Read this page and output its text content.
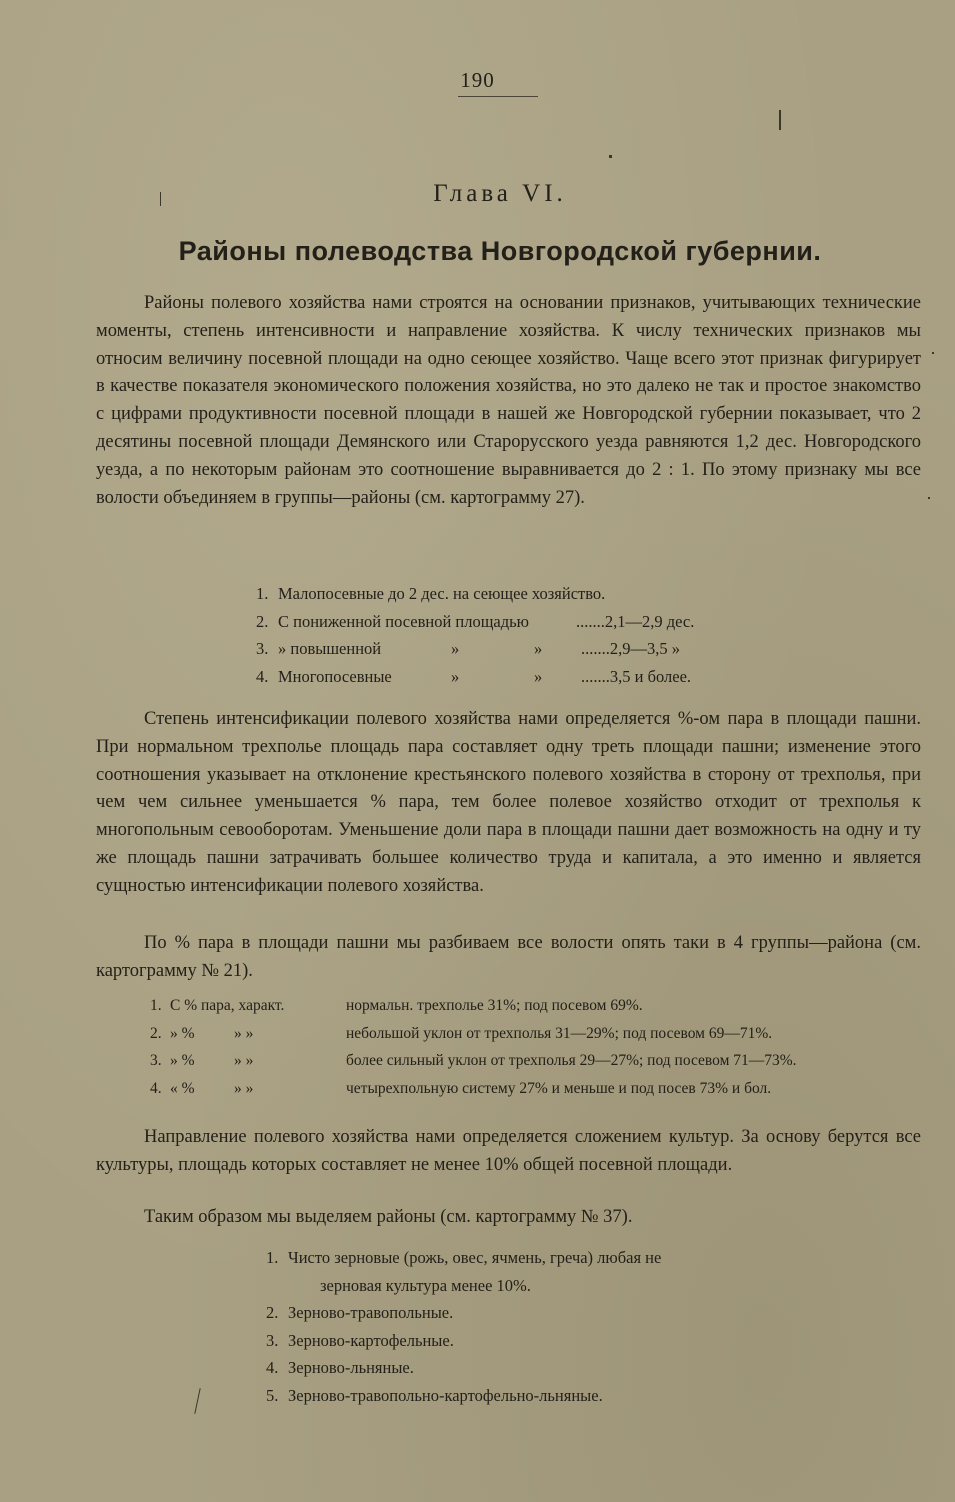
190
Глава VI.
Районы полеводства Новгородской губернии.

Районы полевого хозяйства нами строятся на основании признаков, учитывающих технические моменты, степень интенсивности и направление хозяйства. К числу технических признаков мы относим величину посевной площади на одно сеющее хозяйство. Чаще всего этот признак фигурирует в качестве показателя экономического положения хозяйства, но это далеко не так и простое знакомство с цифрами продуктивности посевной площади в нашей же Новгородской губернии показывает, что 2 десятины посевной площади Демянского или Старорусского уезда равняются 1,2 дес. Новгородского уезда, а по некоторым районам это соотношение выравнивается до 2 : 1. По этому признаку мы все волости объединяем в группы—районы (см. картограмму 27).

1. Малопосевные до 2 дес. на сеющее хозяйство.
2. С пониженной посевной площадью	.......2,1—2,9 дес.
3. » повышенной	»	» .......2,9—3,5 »
4. Многопосевные	»	» .......3,5 и более.

Степень интенсификации полевого хозяйства нами определяется %-ом пара в площади пашни. При нормальном трехполье площадь пара составляет одну треть площади пашни; изменение этого соотношения указывает на отклонение крестьянского полевого хозяйства в сторону от трехполья, при чем чем сильнее уменьшается % пара, тем более полевое хозяйство отходит от трехполья к многопольным севооборотам. Уменьшение доли пара в площади пашни дает возможность на одну и ту же площадь пашни затрачивать большее количество труда и капитала, а это именно и является сущностью интенсификации полевого хозяйства.

По % пара в площади пашни мы разбиваем все волости опять таки в 4 группы—района (см. картограмму № 21).

1. С % пара, характ.	нормальн. трехполье 31%; под посевом 69%.
2. » %	» »	небольшой уклон от трехполья 31—29%; под посевом 69—71%.
3. » %	» »	более сильный уклон от трехполья 29—27%; под посевом 71—73%.
4. « %	» »	четырехпольную систему 27% и меньше и под посев 73% и бол.

Направление полевого хозяйства нами определяется сложением культур. За основу берутся все культуры, площадь которых составляет не менее 10% общей посевной площади.

Таким образом мы выделяем районы (см. картограмму № 37).

1. Чисто зерновые (рожь, овес, ячмень, греча) любая не
зерновая культура менее 10%.
2. Зерново-травопольные.
3. Зерново-картофельные.
4. Зерново-льняные.
5. Зерново-травопольно-картофельно-льняные.
